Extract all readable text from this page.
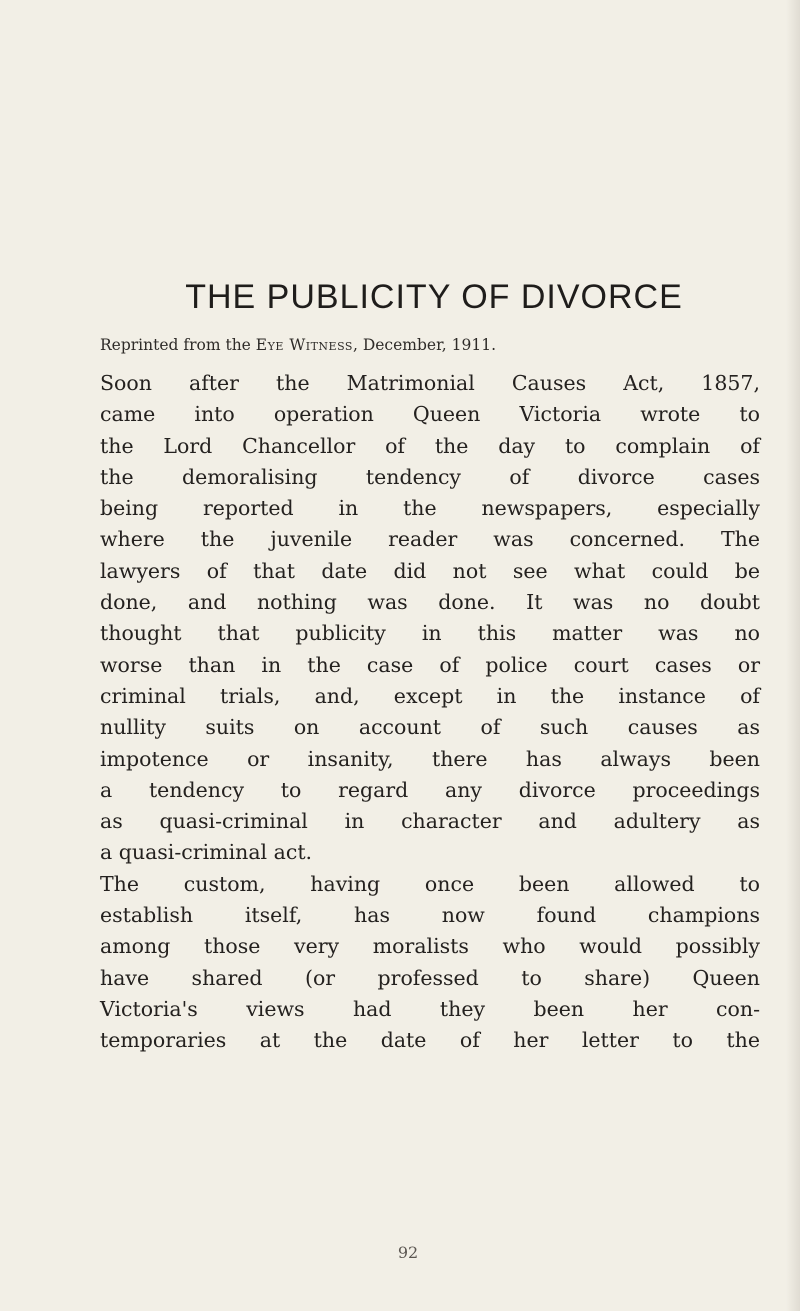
THE PUBLICITY OF DIVORCE
Reprinted from the Eye Witness, December, 1911.

Soon after the Matrimonial Causes Act, 1857,
came into operation Queen Victoria wrote to
the Lord Chancellor of the day to complain of
the demoralising tendency of divorce cases
being reported in the newspapers, especially
where the juvenile reader was concerned. The
lawyers of that date did not see what could be
done, and nothing was done. It was no doubt
thought that publicity in this matter was no
worse than in the case of police court cases or
criminal trials, and, except in the instance of
nullity suits on account of such causes as
impotence or insanity, there has always been
a tendency to regard any divorce proceedings
as quasi-criminal in character and adultery as
a quasi-criminal act.

The custom, having once been allowed to
establish itself, has now found champions
among those very moralists who would possibly
have shared (or professed to share) Queen
Victoria's views had they been her con-
temporaries at the date of her letter to the

92
